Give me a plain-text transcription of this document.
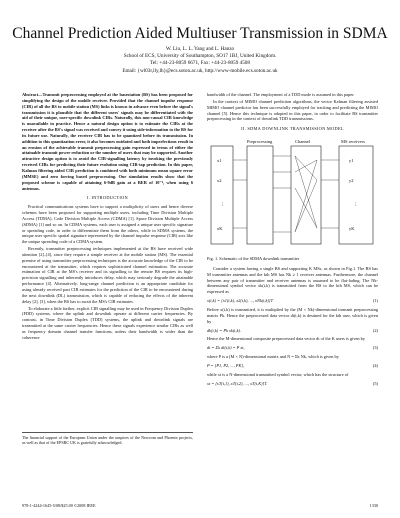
Channel Prediction Aided Multiuser Transmission in SDMA
W. Liu, L. L. Yang and L. Hanzo
School of ECS, University of Southampton, SO17 1BJ, United Kingdom.
Tel: +44-23-8059 6671, Fax: +44-23-8059 4508
Email: {wl03r,lly,lh}@ecs.soton.ac.uk, http://www-mobile.ecs.soton.ac.uk

Abstract—Transmit preprocessing employed at the basestation (BS) has been proposed for simplifying the design of the mobile receiver. Provided that the channel impulse response (CIR) of all the BS to mobile station (MS) links is known in advance even before the signal's transmission it is plausible that the different users' signals may be differentiated with the aid of their unique, user-specific downlink CIRs. Naturally, this non-causal CIR knowledge is unavailable in practice. Hence a natural design option is to estimate the CIRs at the receiver after the BS's signal was received and convey it using side-information to the BS for its future use. Naturally, the receiver CIR has to be quantized before its transmission. In addition to this quantization error, it also becomes outdated and both imperfections result in an erosion of the achievable transmit preprocessing gain expressed in terms of either the attainable transmit power reduction or the number of users that may be supported. Another attractive design option is to avoid the CIR-signalling latency by invoking the previously received CIRs for predicting their future evolution using CIR-tap prediction. In this paper, Kalman filtering aided CIR prediction is combined with both minimum mean square error (MMSE) and zero forcing based preprocessing. Our simulation results show that the proposed scheme is capable of attaining 6-9dB gain at a BER of 10⁻⁴, when using 6 antennas.

I. INTRODUCTION

Practical communications systems have to support a multiplicity of users and hence diverse schemes have been proposed for supporting multiple users, including Time Division Multiple Access (TDMA), Code Division Multiple Access (CDMA) [1], Space Division Multiple Access (SDMA) [1] and so on. In CDMA systems, each user is assigned a unique user specific signature or spreading code, in order to differentiate them from the others, while in SDMA systems, the unique user specific spatial signature represented by the channel impulse response (CIR) acts like the unique spreading code of a CDMA system.

Recently, transmitter preprocessing techniques implemented at the BS have received wide attention [2]–[4], since they require a simple receiver at the mobile station (MS). The essential premise of using transmitter preprocessing techniques is the accurate knowledge of the CIR to be encountered at the transmitter, which requires sophisticated channel estimation. The accurate estimation of CIR at the MS's receiver and its signalling to the remote BS requires its high-precision signalling and inherently introduces delay, which may seriously degrade the attainable performance [4]. Alternatively, long-range channel prediction is an appropriate candidate for using already received past CIR estimates for the prediction of the CIR to be encountered during the next downlink (DL) transmission, which is capable of reducing the effects of the inherent delay [2], [3], when the BS has to await the MS's CIR estimates.

To elaborate a little further, explicit CIR signalling may be used in Frequency Division Duplex (FDD) systems, where the uplink and downlink operate at different carrier frequencies. By contrast, in Time Division Duplex (TDD) systems, the uplink and downlink signals are transmitted at the same carrier frequencies. Hence these signals experience similar CIRs as well as frequency domain channel transfer functions, unless their bandwidth is wider than the coherence

The financial support of the European Union under the auspices of the Newcom and Phoenix projects, as well as that of the EPSRC UK is gratefully acknowledged.

bandwidth of the channel. The employment of a TDD mode is assumed in this paper.

In the context of MIMO channel prediction algorithms, the vector Kalman filtering assisted MIMO channel predictor has been successfully employed for tracking and predicting the MIMO channel [5]. Hence this technique is adopted in this paper, in order to facilitate BS transmitter preprocessing in the context of downlink TDD transmissions.

II. SDMA DOWNLINK TRANSMISSION MODEL
Preprocessing	Channel	MS receivers
x1
x2
xK
y1
y2
yK
⋮	⋮
Fig. 1. Schematic of the SDMA downlink transmitter

Consider a system having a single BS and supporting K MSs, as shown in Fig.1. The BS has M transmitter antennas and the kth MS has Nk ≥ 1 receiver antennas. Furthermore, the channel between any pair of transmitter and receiver antennas is assumed to be flat-fading. The Nk-dimensional symbol vector xk(t,k) is transmitted from the BS to the kth MS, which can be expressed as

x(t,k) = [x1(t,k), x2(t,k), ..., xNk(t,k)]T	(1)

Before x(t,k) is transmitted, it is multiplied by the (M × Nk)-dimensional transmit preprocessing matrix Pk. Hence the preprocessed data vector dt(t,k) is destined for the kth user, which is given by

dk(t,k) = Pk xk(t,k).	(2)

Hence the M-dimensional composite preprocessed data vector dt of the K users is given by

dt = Σk dt(t,k) = P xt,	(3)

where P is a (M × N)-dimensional matrix and N = Σk Nk, which is given by

P = [P1, P2, ..., PK],	(4)

while xt is a N-dimensional transmitted symbol vector, which has the structure of

xt = [xT(t,1), xT(t,2), ..., xT(t,K)]T.	(5)
978-1-4244-1645-5/08/$25.00 ©2008 IEEE	1330
